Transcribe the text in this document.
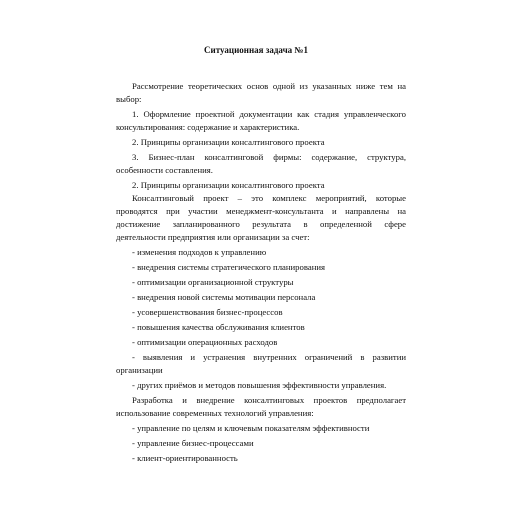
Ситуационная задача №1

Рассмотрение теоретических основ одной из указанных ниже тем на выбор:

1. Оформление проектной документации как стадия управленческого консультирования: содержание и характеристика.

2. Принципы организации консалтингового проекта

3. Бизнес-план консалтинговой фирмы: содержание, структура, особенности составления.

2. Принципы организации консалтингового проекта

Консалтинговый проект – это комплекс мероприятий, которые проводятся при участии менеджмент-консультанта и направлены на достижение запланированного результата в определенной сфере деятельности предприятия или организации за счет:

- изменения подходов к управлению

- внедрения системы стратегического планирования

- оптимизации организационной структуры

- внедрения новой системы мотивации персонала

- усовершенствования бизнес-процессов

- повышения качества обслуживания клиентов

- оптимизации операционных расходов

- выявления и устранения внутренних ограничений в развитии организации

- других приёмов и методов повышения эффективности управления.

Разработка и внедрение консалтинговых проектов предполагает использование современных технологий управления:

- управление по целям и ключевым показателям эффективности

- управление бизнес-процессами

- клиент-ориентированность
